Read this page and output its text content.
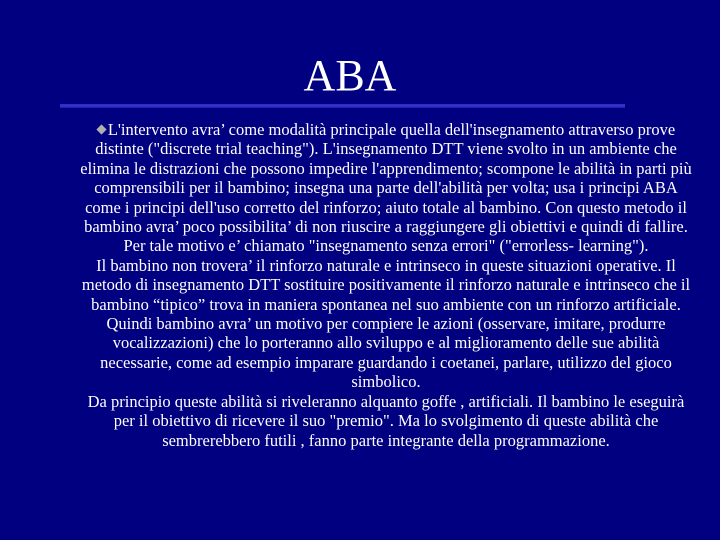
ABA

L'intervento avra’ come modalità principale quella dell'insegnamento attraverso prove distinte ("discrete trial teaching"). L'insegnamento DTT viene svolto in un ambiente che elimina le distrazioni che possono impedire l'apprendimento; scompone le abilità in parti più comprensibili per il bambino; insegna una parte dell'abilità per volta; usa i principi ABA come i principi dell'uso corretto del rinforzo; aiuto totale al bambino. Con questo metodo il bambino avra’ poco possibilita’ di non riuscire a raggiungere gli obiettivi e quindi di fallire. Per tale motivo e’ chiamato "insegnamento senza errori" ("errorless- learning").

Il bambino non trovera’ il rinforzo naturale e intrinseco in queste situazioni operative. Il metodo di insegnamento DTT sostituire positivamente il rinforzo naturale e intrinseco che il bambino “tipico” trova in maniera spontanea nel suo ambiente con un rinforzo artificiale. Quindi bambino avra’ un motivo per compiere le azioni (osservare, imitare, produrre vocalizzazioni) che lo porteranno allo sviluppo e al miglioramento delle sue abilità necessarie, come ad esempio imparare guardando i coetanei, parlare, utilizzo del gioco simbolico.

Da principio queste abilità si riveleranno alquanto goffe , artificiali. Il bambino le eseguirà per il obiettivo di ricevere il suo "premio". Ma lo svolgimento di queste abilità che sembrerebbero futili , fanno parte integrante della programmazione.
